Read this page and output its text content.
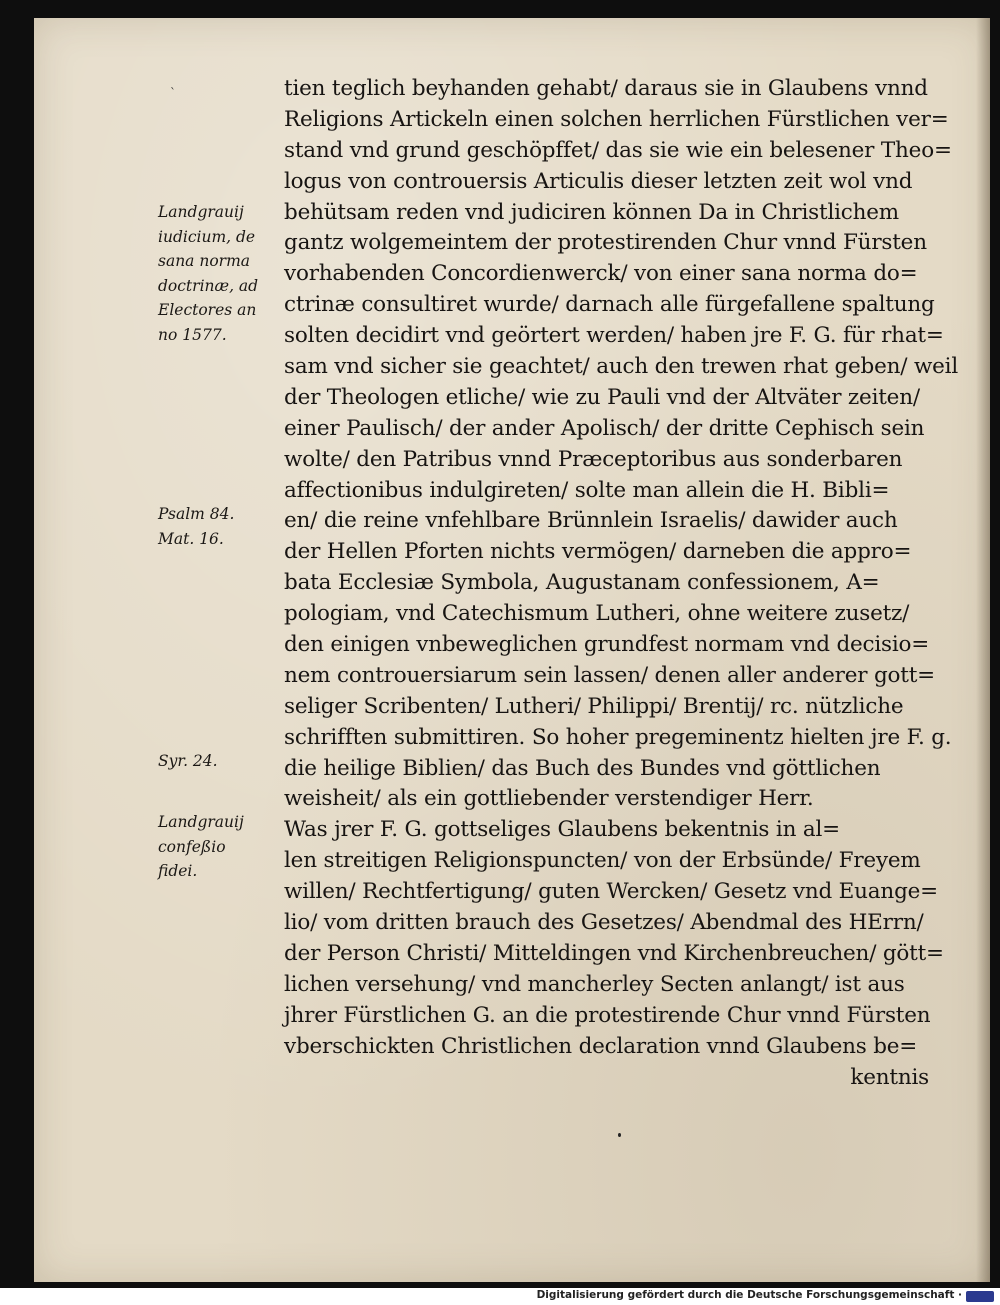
tien teglich beyhanden gehabt/ daraus sie in Glaubens vnnd
Religions Artickeln einen solchen herrlichen Fürstlichen ver=
stand vnd grund geschöpffet/ das sie wie ein belesener Theo=
logus von controuersis Articulis dieser letzten zeit wol vnd
behütsam reden vnd judiciren können Da in Christlichem
gantz wolgemeintem der protestirenden Chur vnnd Fürsten
vorhabenden Concordienwerck/ von einer sana norma do=
ctrinæ consultiret wurde/ darnach alle fürgefallene spaltung
solten decidirt vnd geörtert werden/ haben jre F. G. für rhat=
sam vnd sicher sie geachtet/ auch den trewen rhat geben/ weil
der Theologen etliche/ wie zu Pauli vnd der Altväter zeiten/
einer Paulisch/ der ander Apolisch/ der dritte Cephisch sein
wolte/ den Patribus vnnd Præceptoribus aus sonderbaren
affectionibus indulgireten/ solte man allein die H. Bibli=
en/ die reine vnfehlbare Brünnlein Israelis/ dawider auch
der Hellen Pforten nichts vermögen/ darneben die appro=
bata Ecclesiæ Symbola, Augustanam confessionem, A=
pologiam, vnd Catechismum Lutheri, ohne weitere zusetz/
den einigen vnbeweglichen grundfest normam vnd decisio=
nem controuersiarum sein lassen/ denen aller anderer gott=
seliger Scribenten/ Lutheri/ Philippi/ Brentij/ rc. nützliche
schrifften submittiren. So hoher pregeminentz hielten jre F. g.
die heilige Biblien/ das Buch des Bundes vnd göttlichen
weisheit/ als ein gottliebender verstendiger Herr.
Was jrer F. G. gottseliges Glaubens bekentnis in al=
len streitigen Religionspuncten/ von der Erbsünde/ Freyem
willen/ Rechtfertigung/ guten Wercken/ Gesetz vnd Euange=
lio/ vom dritten brauch des Gesetzes/ Abendmal des HErrn/
der Person Christi/ Mitteldingen vnd Kirchenbreuchen/ gött=
lichen versehung/ vnd mancherley Secten anlangt/ ist aus
jhrer Fürstlichen G. an die protestirende Chur vnnd Fürsten
vberschickten Christlichen declaration vnnd Glaubens be=
kentnis
Landgrauij
iudicium, de
sana norma
doctrinæ, ad
Electores an
no 1577.
Psalm 84.
Mat. 16.
Syr. 24.
Landgrauij
confeßio
fidei.
Digitalisierung gefördert durch die Deutsche Forschungsgemeinschaft ·
